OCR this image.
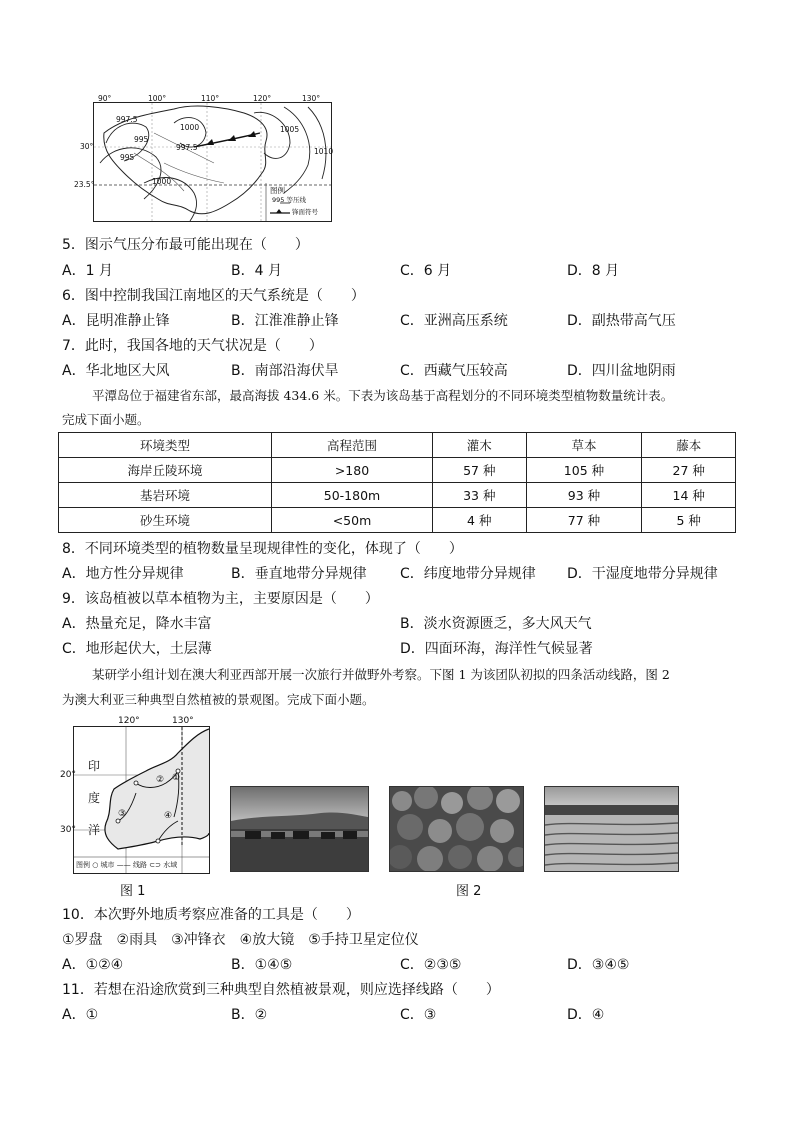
997.5
995
1000
997.5
995
1000
1005
1010
图例
995 等压线
锋面符号
90°	100°	110°	120°	130°
30°
23.5°
5．图示气压分布最可能出现在（　　）
A．1 月	B．4 月	C．6 月	D．8 月
6．图中控制我国江南地区的天气系统是（　　）
A．昆明准静止锋	B．江淮准静止锋	C．亚洲高压系统	D．副热带高气压
7．此时，我国各地的天气状况是（　　）
A．华北地区大风	B．南部沿海伏旱	C．西藏气压较高	D．四川盆地阴雨
平潭岛位于福建省东部，最高海拔 434.6 米。下表为该岛基于高程划分的不同环境类型植物数量统计表。
完成下面小题。
环境类型	高程范围	灌木	草本	藤本
海岸丘陵环境	>180	57 种	105 种	27 种
基岩环境	50-180m	33 种	93 种	14 种
砂生环境	<50m	4 种	77 种	5 种
8．不同环境类型的植物数量呈现规律性的变化，体现了（　　）
A．地方性分异规律	B．垂直地带分异规律 C．纬度地带分异规律 D．干湿度地带分异规律
9．该岛植被以草本植物为主，主要原因是（　　）
A．热量充足，降水丰富	B．淡水资源匮乏，多大风天气
C．地形起伏大，土层薄	D．四面环海，海洋性气候显著
某研学小组计划在澳大利亚西部开展一次旅行并做野外考察。下图 1 为该团队初拟的四条活动线路，图 2
为澳大利亚三种典型自然植被的景观图。完成下面小题。
印
度
洋
①
②
③	④
图例 ○ 城市 —— 线路 ⊂⊃ 水域
120°	130°
20°
30°
图 1	图 2
10．本次野外地质考察应准备的工具是（　　）
①罗盘　②雨具　③冲锋衣　④放大镜　⑤手持卫星定位仪
A．①②④	B．①④⑤	C．②③⑤	D．③④⑤
11．若想在沿途欣赏到三种典型自然植被景观，则应选择线路（　　）
A．①	B．②	C．③	D．④
